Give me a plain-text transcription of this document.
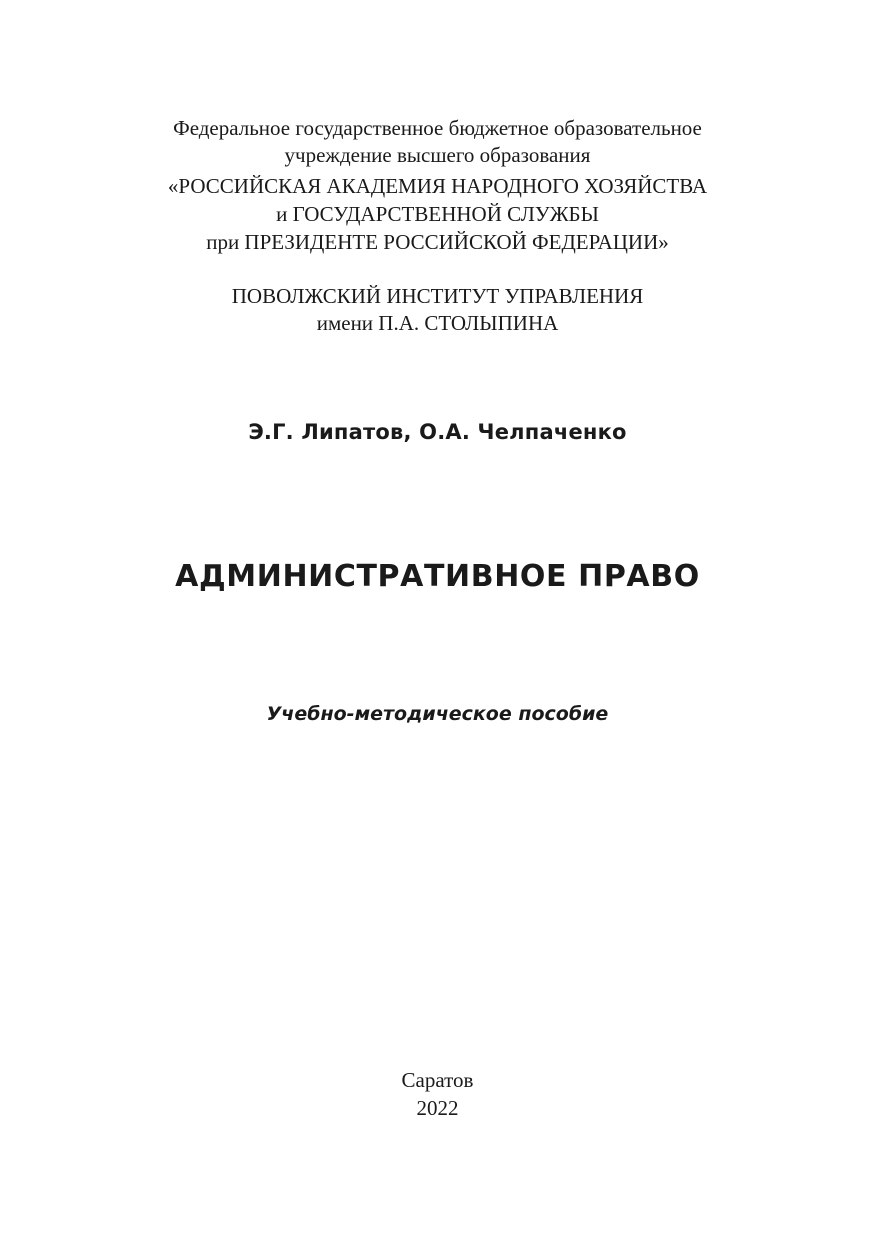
Федеральное государственное бюджетное образовательное
учреждение высшего образования
«РОССИЙСКАЯ АКАДЕМИЯ НАРОДНОГО ХОЗЯЙСТВА
и ГОСУДАРСТВЕННОЙ СЛУЖБЫ
при ПРЕЗИДЕНТЕ РОССИЙСКОЙ ФЕДЕРАЦИИ»
ПОВОЛЖСКИЙ ИНСТИТУТ УПРАВЛЕНИЯ
имени П.А. СТОЛЫПИНА
Э.Г. Липатов, О.А. Челпаченко
АДМИНИСТРАТИВНОЕ ПРАВО
Учебно-методическое пособие
Саратов
2022
